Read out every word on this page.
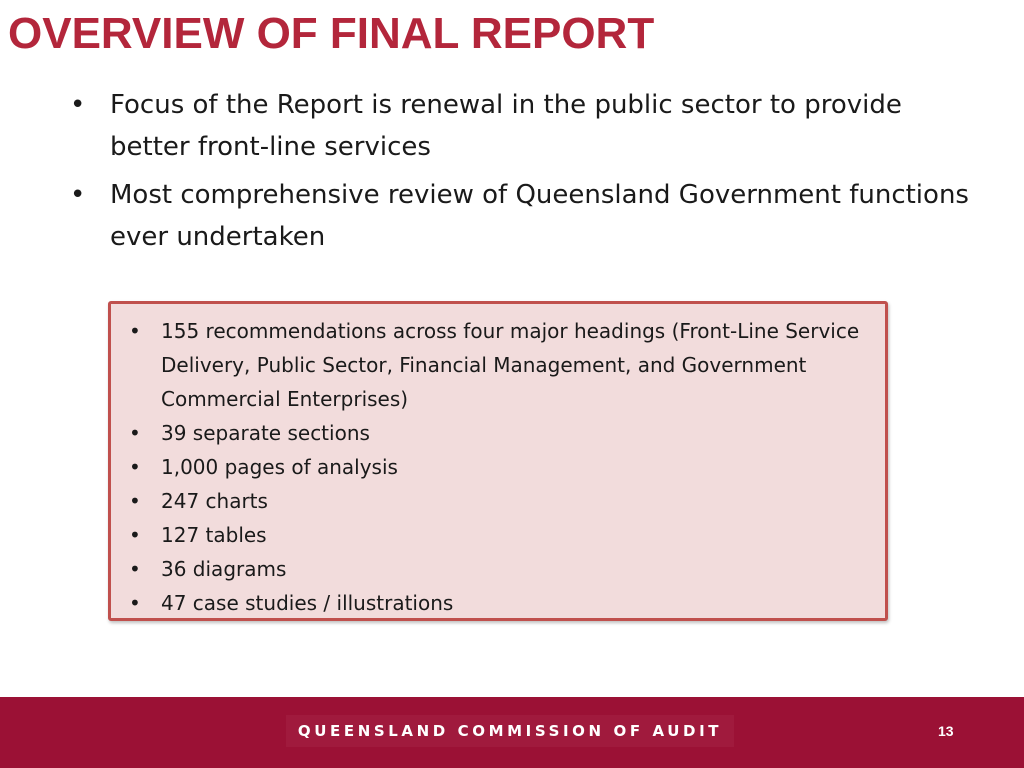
OVERVIEW OF FINAL REPORT
• Focus of the Report is renewal in the public sector to provide better front-line services
• Most comprehensive review of Queensland Government functions ever undertaken
• 155 recommendations across four major headings (Front-Line Service Delivery, Public Sector, Financial Management, and Government Commercial Enterprises)
• 39 separate sections
• 1,000 pages of analysis
• 247 charts
• 127 tables
• 36 diagrams
• 47 case studies / illustrations
QUEENSLAND COMMISSION OF AUDIT	13
